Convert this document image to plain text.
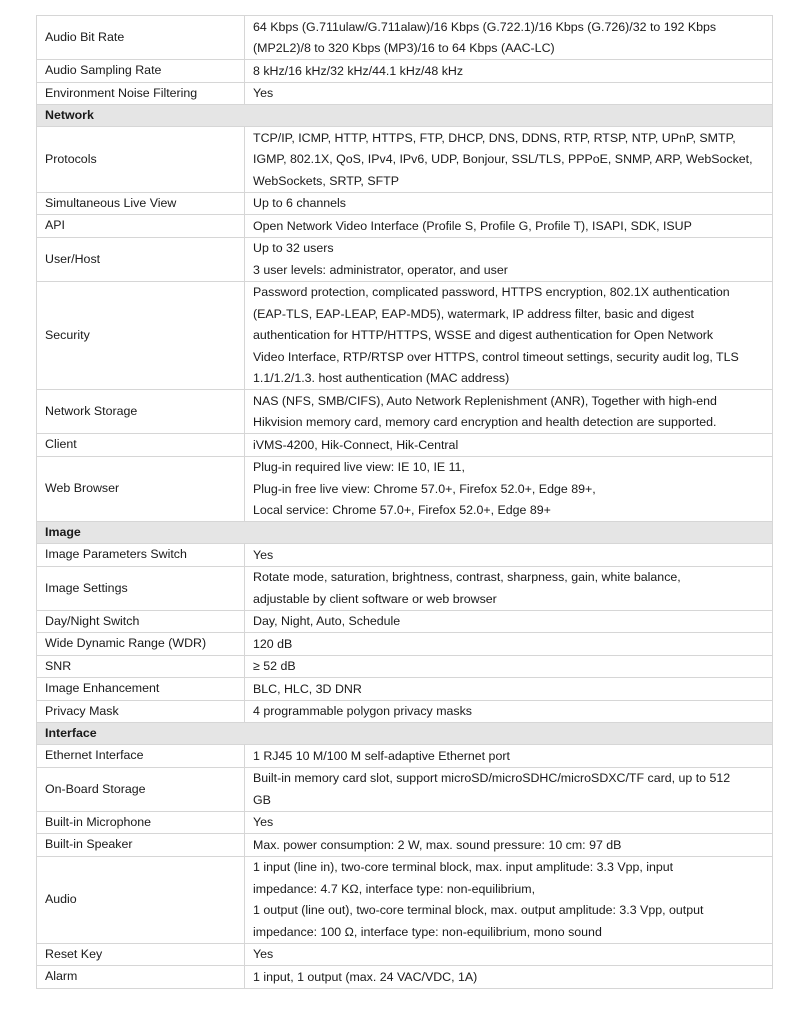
Audio Bit Rate	64 Kbps (G.711ulaw/G.711alaw)/16 Kbps (G.722.1)/16 Kbps (G.726)/32 to 192 Kbps
(MP2L2)/8 to 320 Kbps (MP3)/16 to 64 Kbps (AAC-LC)

Audio Sampling Rate	8 kHz/16 kHz/32 kHz/44.1 kHz/48 kHz

Environment Noise Filtering	Yes

Network	
Protocols	TCP/IP, ICMP, HTTP, HTTPS, FTP, DHCP, DNS, DDNS, RTP, RTSP, NTP, UPnP, SMTP,
IGMP, 802.1X, QoS, IPv4, IPv6, UDP, Bonjour, SSL/TLS, PPPoE, SNMP, ARP, WebSocket,
WebSockets, SRTP, SFTP

Simultaneous Live View	Up to 6 channels

API	Open Network Video Interface (Profile S, Profile G, Profile T), ISAPI, SDK, ISUP

User/Host	Up to 32 users
3 user levels: administrator, operator, and user

Security	Password protection, complicated password, HTTPS encryption, 802.1X authentication
(EAP-TLS, EAP-LEAP, EAP-MD5), watermark, IP address filter, basic and digest
authentication for HTTP/HTTPS, WSSE and digest authentication for Open Network
Video Interface, RTP/RTSP over HTTPS, control timeout settings, security audit log, TLS
1.1/1.2/1.3. host authentication (MAC address)

Network Storage	NAS (NFS, SMB/CIFS), Auto Network Replenishment (ANR), Together with high-end
Hikvision memory card, memory card encryption and health detection are supported.

Client	iVMS-4200, Hik-Connect, Hik-Central

Web Browser	Plug-in required live view: IE 10, IE 11,
Plug-in free live view: Chrome 57.0+, Firefox 52.0+, Edge 89+,
Local service: Chrome 57.0+, Firefox 52.0+, Edge 89+

Image	
Image Parameters Switch	Yes

Image Settings	Rotate mode, saturation, brightness, contrast, sharpness, gain, white balance,
adjustable by client software or web browser

Day/Night Switch	Day, Night, Auto, Schedule

Wide Dynamic Range (WDR)	120 dB

SNR	≥ 52 dB

Image Enhancement	BLC, HLC, 3D DNR

Privacy Mask	4 programmable polygon privacy masks

Interface	
Ethernet Interface	1 RJ45 10 M/100 M self-adaptive Ethernet port

On-Board Storage	Built-in memory card slot, support microSD/microSDHC/microSDXC/TF card, up to 512
GB

Built-in Microphone	Yes

Built-in Speaker	Max. power consumption: 2 W, max. sound pressure: 10 cm: 97 dB

Audio	1 input (line in), two-core terminal block, max. input amplitude: 3.3 Vpp, input
impedance: 4.7 KΩ, interface type: non-equilibrium,
1 output (line out), two-core terminal block, max. output amplitude: 3.3 Vpp, output
impedance: 100 Ω, interface type: non-equilibrium, mono sound

Reset Key	Yes

Alarm	1 input, 1 output (max. 24 VAC/VDC, 1A)
